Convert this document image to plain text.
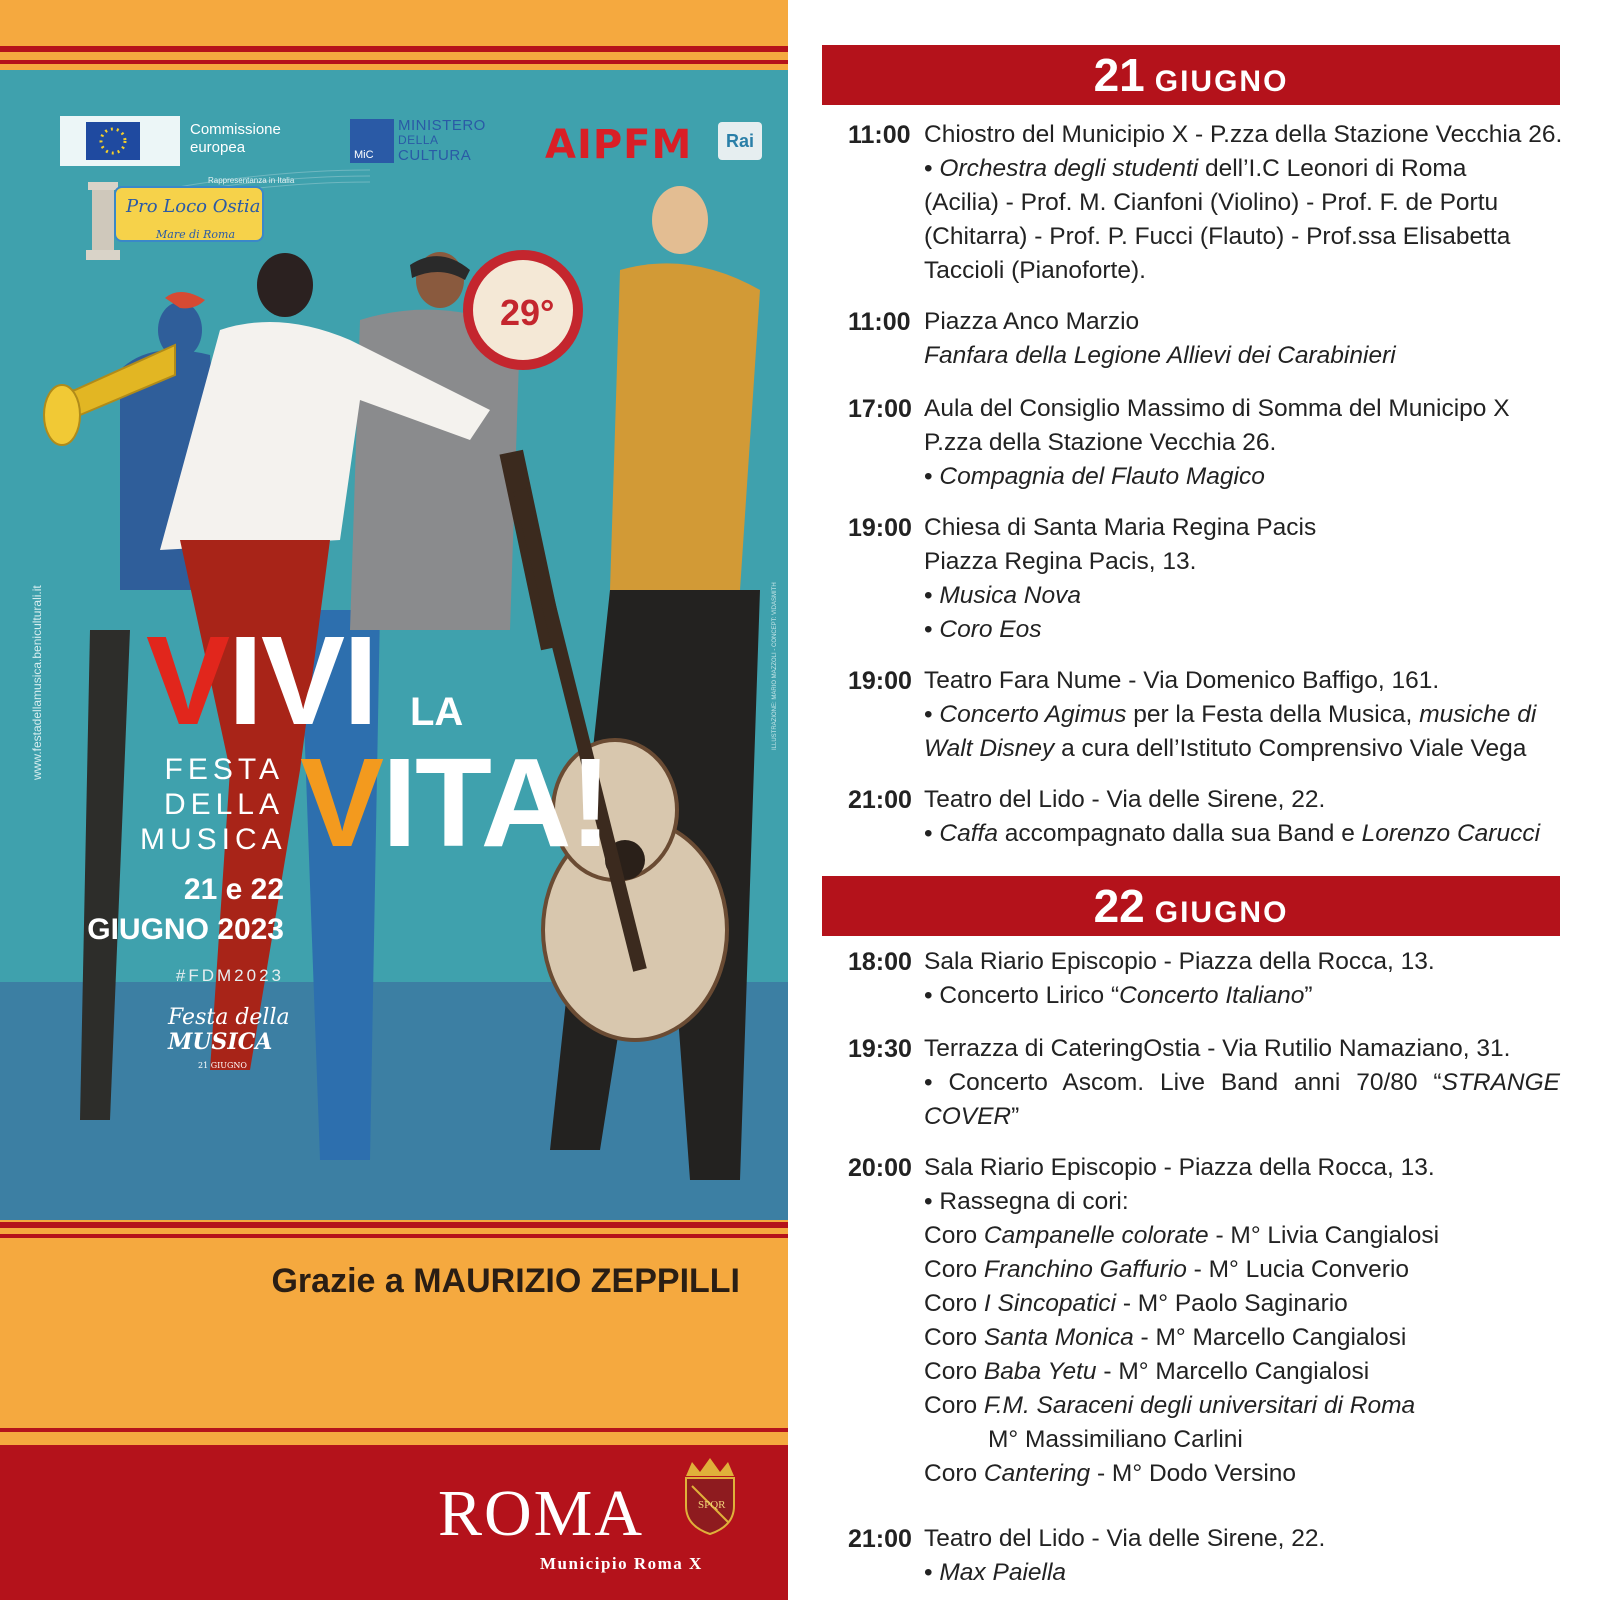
29°
Commissione
europea
Rappresentanza in Italia
MiC
MINISTERO
DELLA
CULTURA	AIPFM	Rai
Pro Loco Ostia
Mare di Roma
www.festadellamusica.beniculturali.it	ILLUSTRAZIONE: MARIO MAZZOLI - CONCEPT: VIDASMITH
VIVI LA
VITA!
FESTA
DELLA
MUSICA
21 e 22
GIUGNO 2023
#FDM2023
Festa della
MUSICA
21 GIUGNO
Grazie a MAURIZIO ZEPPILLI
ROMA
Municipio Roma X
SPQR
21 GIUGNO
11:00 Chiostro del Municipio X - P.zza della Stazione Vecchia 26.
• Orchestra degli studenti dell’I.C Leonori di Roma
(Acilia) - Prof. M. Cianfoni (Violino) - Prof. F. de Portu
(Chitarra) - Prof. P. Fucci (Flauto) - Prof.ssa Elisabetta
Taccioli (Pianoforte).
11:00 Piazza Anco Marzio
Fanfara della Legione Allievi dei Carabinieri
17:00 Aula del Consiglio Massimo di Somma del Municipo X
P.zza della Stazione Vecchia 26.
• Compagnia del Flauto Magico
19:00 Chiesa di Santa Maria Regina Pacis
Piazza Regina Pacis, 13.
• Musica Nova
• Coro Eos
19:00 Teatro Fara Nume - Via Domenico Baffigo, 161.
• Concerto Agimus per la Festa della Musica, musiche di
Walt Disney a cura dell’Istituto Comprensivo Viale Vega
21:00 Teatro del Lido - Via delle Sirene, 22.
• Caffa accompagnato dalla sua Band e Lorenzo Carucci
22 GIUGNO
18:00 Sala Riario Episcopio - Piazza della Rocca, 13.
• Concerto Lirico “Concerto Italiano”
19:30 Terrazza di CateringOstia - Via Rutilio Namaziano, 31.
• Concerto Ascom. Live Band anni 70/80 “STRANGE
COVER”
20:00 Sala Riario Episcopio - Piazza della Rocca, 13.
• Rassegna di cori:
Coro Campanelle colorate - M° Livia Cangialosi
Coro Franchino Gaffurio - M° Lucia Converio
Coro I Sincopatici - M° Paolo Saginario
Coro Santa Monica - M° Marcello Cangialosi
Coro Baba Yetu - M° Marcello Cangialosi
Coro F.M. Saraceni degli universitari di Roma
M° Massimiliano Carlini
Coro Cantering - M° Dodo Versino
21:00 Teatro del Lido - Via delle Sirene, 22.
• Max Paiella
